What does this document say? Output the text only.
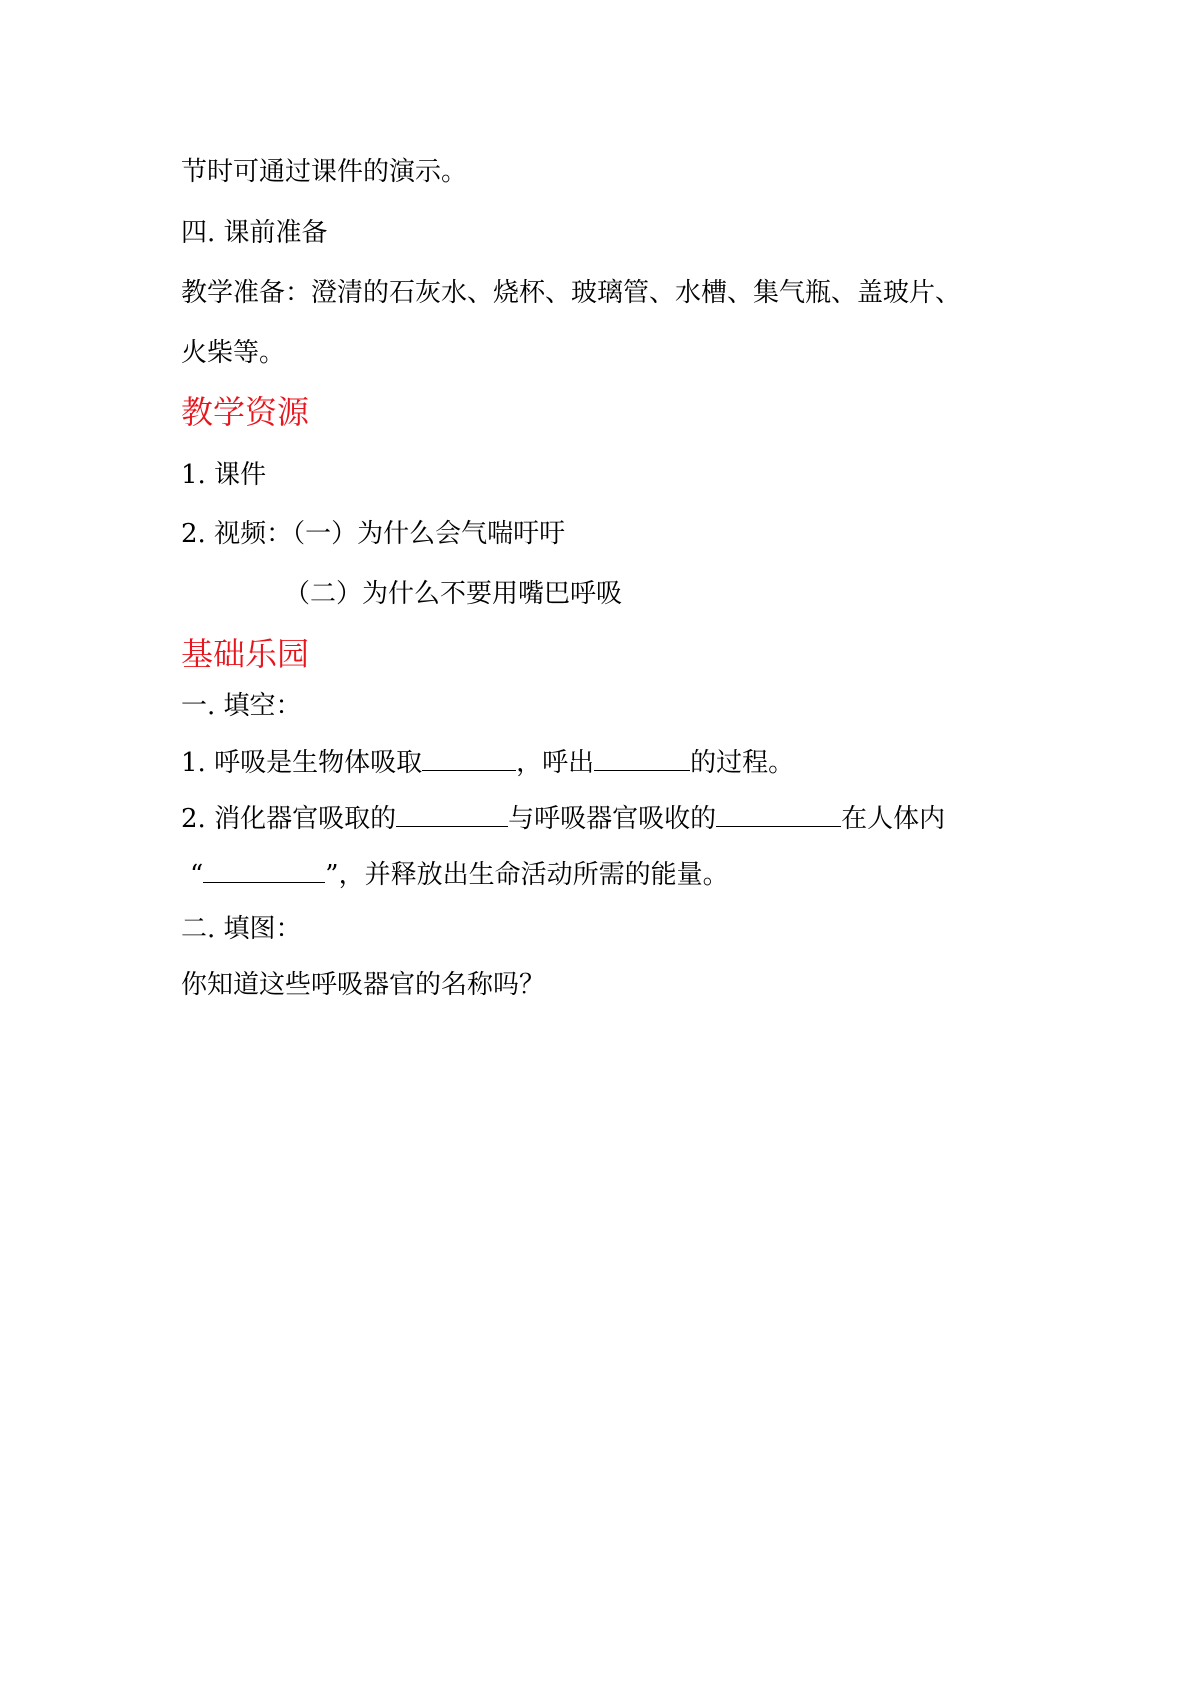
节时可通过课件的演示。
四. 课前准备
教学准备：澄清的石灰水、烧杯、玻璃管、水槽、集气瓶、盖玻片、
火柴等。
教学资源
1. 课件
2. 视频：（一）为什么会气喘吁吁
（二）为什么不要用嘴巴呼吸
基础乐园
一. 填空：
1. 呼吸是生物体吸取	，呼出	的过程。
2. 消化器官吸取的	与呼吸器官吸收的	在人体内
“	”，并释放出生命活动所需的能量。
二. 填图：
你知道这些呼吸器官的名称吗？
